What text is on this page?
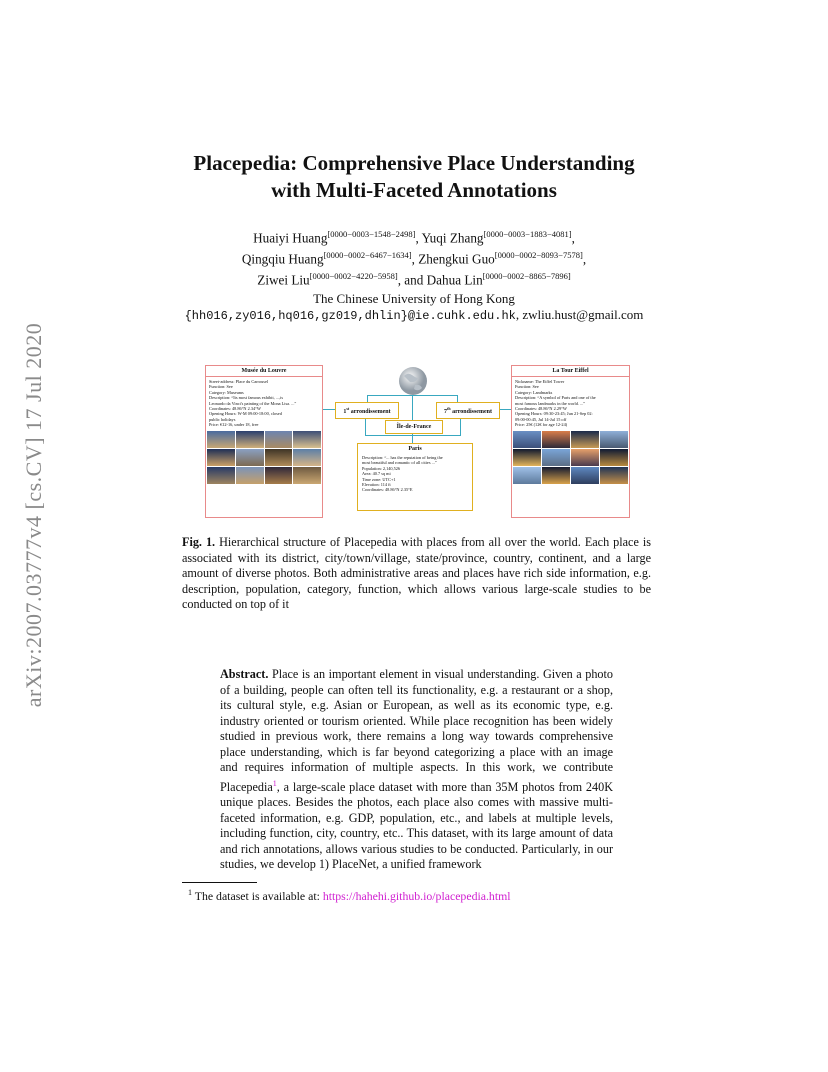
arXiv:2007.03777v4 [cs.CV] 17 Jul 2020
Placepedia: Comprehensive Place Understanding
with Multi-Faceted Annotations
Huaiyi Huang[0000−0003−1548−2498], Yuqi Zhang[0000−0003−1883−4081],
Qingqiu Huang[0000−0002−6467−1634], Zhengkui Guo[0000−0002−8093−7578],
Ziwei Liu[0000−0002−4220−5958], and Dahua Lin[0000−0002−8865−7896]
The Chinese University of Hong Kong
{hh016,zy016,hq016,gz019,dhlin}@ie.cuhk.edu.hk, zwliu.hust@gmail.com
Musée du Louvre
Street-address: Place du Carrousel
Function: See
Category: Museums
Description: “Its most famous exhibit, ...,is
Leonardo da Vinci's painting of the Mona Lisa. ...”
Coordinates: 48.86°N 2.34°W
Opening Hours: W-M 09:00-18:00, closed
public holidays
Price: €12-16, under 18, free
1st arrondissement	7th arrondissement
Île-de-France
Paris
Description: “... has the reputation of being the
most beautiful and romantic of all cities ...”
Population: 2,140,526
Area: 40.7 sq mi
Time zone: UTC+1
Elevation: 114 ft
Coordinates: 48.86°N 2.35°E
La Tour Eiffel
Nickname: The Eiffel Tower
Function: See
Category: Landmarks
Description: “A symbol of Paris and one of the
most famous landmarks in the world. ...”
Coordinates: 48.86°N 2.29°W
Opening Hours: 09:30-23:45; Jun 21-Sep 02:
09:00-00:45, Jul 14-Jul 15 off
Price: 25€ (12€ for age 12-24)
Fig. 1. Hierarchical structure of Placepedia with places from all over the world. Each place is associated with its district, city/town/village, state/province, country, continent, and a large amount of diverse photos. Both administrative areas and places have rich side information, e.g. description, population, category, function, which allows various large-scale studies to be conducted on top of it
Abstract. Place is an important element in visual understanding. Given a photo of a building, people can often tell its functionality, e.g. a restaurant or a shop, its cultural style, e.g. Asian or European, as well as its economic type, e.g. industry oriented or tourism oriented. While place recognition has been widely studied in previous work, there remains a long way towards comprehensive place understanding, which is far beyond categorizing a place with an image and requires information of multiple aspects. In this work, we contribute Placepedia$^1$, a large-scale place dataset with more than 35M photos from 240K unique places. Besides the photos, each place also comes with massive multi-faceted information, e.g. GDP, population, etc., and labels at multiple levels, including function, city, country, etc.. This dataset, with its large amount of data and rich annotations, allows various studies to be conducted. Particularly, in our studies, we develop 1) PlaceNet, a unified framework
$^1$ The dataset is available at: https://hahehi.github.io/placepedia.html
